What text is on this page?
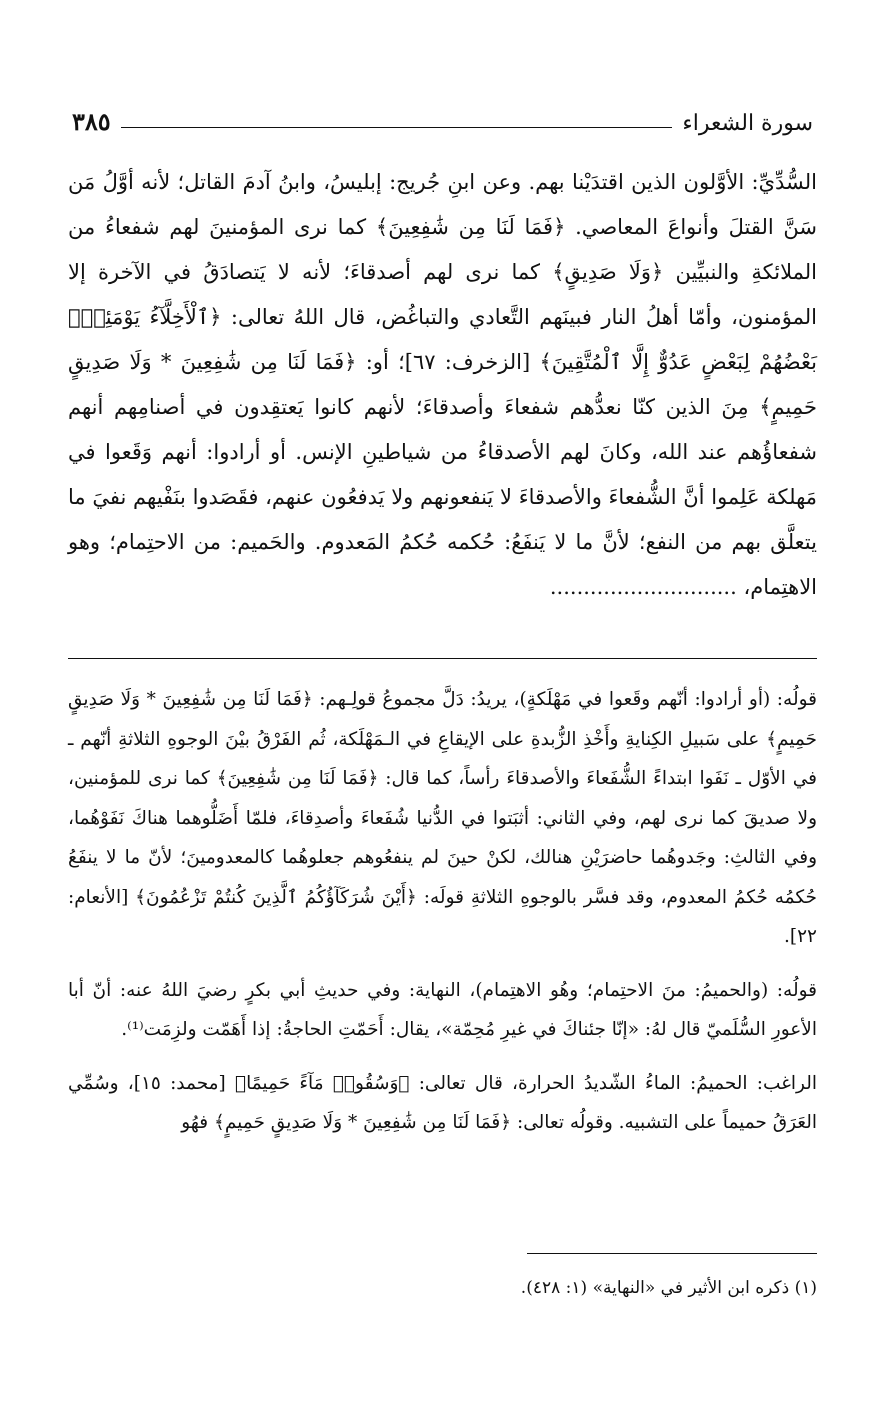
سورة الشعراء
٣٨٥
السُّدِّيِّ: الأوَّلون الذين اقتدَيْنا بهم. وعن ابنِ جُريج: إبليسُ، وابنُ آدمَ القاتل؛ لأنه أوَّلُ مَن سَنَّ القتلَ وأنواعَ المعاصي. ﴿فَمَا لَنَا مِن شَٰفِعِينَ﴾ كما نرى المؤمنينَ لهم شفعاءُ من الملائكةِ والنبيِّين ﴿وَلَا صَدِيقٍ﴾ كما نرى لهم أصدقاءَ؛ لأنه لا يَتصادَقُ في الآخرة إلا المؤمنون، وأمّا أهلُ النار فبينَهم التَّعادي والتباغُض، قال اللهُ تعالى: ﴿ٱلْأَخِلَّآءُ يَوْمَئِذٍۭ بَعْضُهُمْ لِبَعْضٍ عَدُوٌّ إِلَّا ٱلْمُتَّقِينَ﴾ [الزخرف: ٦٧]؛ أو: ﴿فَمَا لَنَا مِن شَٰفِعِينَ * وَلَا صَدِيقٍ حَمِيمٍ﴾ مِنَ الذين كنّا نعدُّهم شفعاءَ وأصدقاءَ؛ لأنهم كانوا يَعتقِدون في أصنامِهم أنهم شفعاؤُهم عند الله، وكانَ لهم الأصدقاءُ من شياطينِ الإنس. أو أرادوا: أنهم وَقَعوا في مَهلكة عَلِموا أنَّ الشُّفعاءَ والأصدقاءَ لا يَنفعونهم ولا يَدفعُون عنهم، فقَصَدوا بنَفْيهم نفيَ ما يتعلَّق بهم من النفع؛ لأنَّ ما لا يَنفَعُ: حُكمه حُكمُ المَعدوم. والحَميم: من الاحتِمام؛ وهو الاهتِمام، ............................

قولُه: (أو أرادوا: أنّهم وقَعوا في مَهْلَكةٍ)، يريدُ: دَلَّ مجموعُ قولِـهم: ﴿فَمَا لَنَا مِن شَٰفِعِينَ * وَلَا صَدِيقٍ حَمِيمٍ﴾ على سَبيلِ الكِنايةِ وأَخْذِ الزُّبدةِ على الإيقاعِ في الـمَهْلَكة، ثُم الفَرْقُ بيْنَ الوجوهِ الثلاثةِ أنّهم ـ في الأوّل ـ نَفَوا ابتداءً الشُّفَعاءَ والأصدقاءَ رأساً، كما قال: ﴿فَمَا لَنَا مِن شَٰفِعِينَ﴾ كما نرى للمؤمنين، ولا صديقَ كما نرى لهم، وفي الثاني: أثبَتوا في الدُّنيا شُفَعاءَ وأصدِقاءَ، فلمّا أَضَلُّوهما هناكَ نَفَوْهُما، وفي الثالثِ: وجَدوهُما حاضرَيْنِ هنالك، لكنْ حينَ لم ينفعُوهم جعلوهُما كالمعدومينَ؛ لأنّ ما لا ينفَعُ حُكمُه حُكمُ المعدوم، وقد فسَّر بالوجوهِ الثلاثةِ قولَه: ﴿أَيْنَ شُرَكَآؤُكُمُ ٱلَّذِينَ كُنتُمْ تَزْعُمُونَ﴾ [الأنعام: ٢٢].

قولُه: (والحميمُ: منَ الاحتِمام؛ وهُو الاهتِمام)، النهاية: وفي حديثِ أبي بكرٍ رضيَ اللهُ عنه: أنّ أبا الأعورِ السُّلَميّ قال لهُ: «إنّا جئناكَ في غيرِ مُحِمّة»، يقال: أَحَمّتِ الحاجةُ: إذا أَهَمّت ولزِمَت⁽¹⁾.

الراغب: الحميمُ: الماءُ الشّديدُ الحرارة، قال تعالى: ﴿وَسُقُوا۟ مَآءً حَمِيمًا﴾ [محمد: ١٥]، وسُمِّي العَرَقُ حميماً على التشبيه. وقولُه تعالى: ﴿فَمَا لَنَا مِن شَٰفِعِينَ * وَلَا صَدِيقٍ حَمِيمٍ﴾ فهُو

(١) ذكره ابن الأثير في «النهاية» (١: ٤٢٨).
